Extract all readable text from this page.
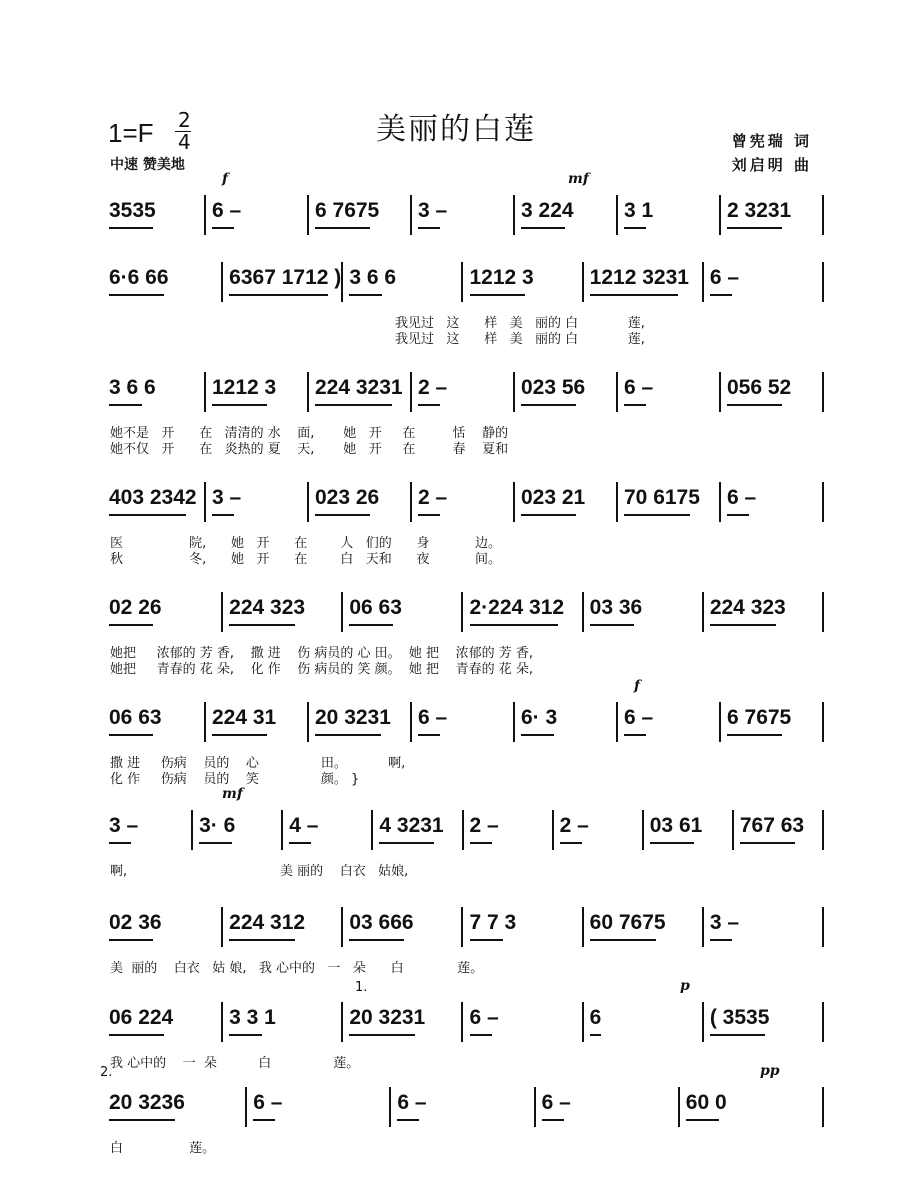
美丽的白莲
1=F 2
4
中速 赞美地
曾宪瑞 词
刘启明 曲
3535	6 –	6 7675 3 –	3 224 3 1	2 3231
f	mf
6·6 66	6367 1712 ) 3 6 6	1212 3	1212 3231 6 –
我见过   这      样   美   丽的 白            莲,
我见过   这      样   美   丽的 白            莲,
3 6 6	1212 3 224 3231 2 –	023 56 6 –	056 52
她不是   开      在   清清的 水    面,       她   开     在         恬    静的
她不仅   开      在   炎热的 夏    天,       她   开     在         春    夏和
403 2342 3 –	023 26 2 –	023 21 70 6175 6 –
医                院,      她   开      在        人   们的      身           边。
秋                冬,      她   开      在        白   天和      夜           间。
02 26	224 323 06 63	2·224 312 03 36	224 323
她把     浓郁的 芳 香,    撒 进    伤 病员的 心 田。  她 把    浓郁的 芳 香,
她把     青春的 花 朵,    化 作    伤 病员的 笑 颜。  她 把    青春的 花 朵,
06 63 224 31 20 3231 6 –	6· 3	6 –	6 7675
撒 进     伤病    员的    心               田。          啊,
化 作     伤病    员的    笑               颜。 }
f
3 –	3· 6	4 –	4 3231 2 –	2 –	03 61 767 63
啊,                                     美 丽的    白衣   姑娘,
mf
02 36	224 312 03 666	7 7 3	60 7675 3 –
美  丽的    白衣   姑 娘,   我 心中的   一   朵      白             莲。
06 224	3 3 1	20 3231 6 –	6	( 3535
我 心中的    一  朵          白               莲。
p
1.
20 3236	6 –	6 –	6 –	60 0
白                莲。
pp
2.
